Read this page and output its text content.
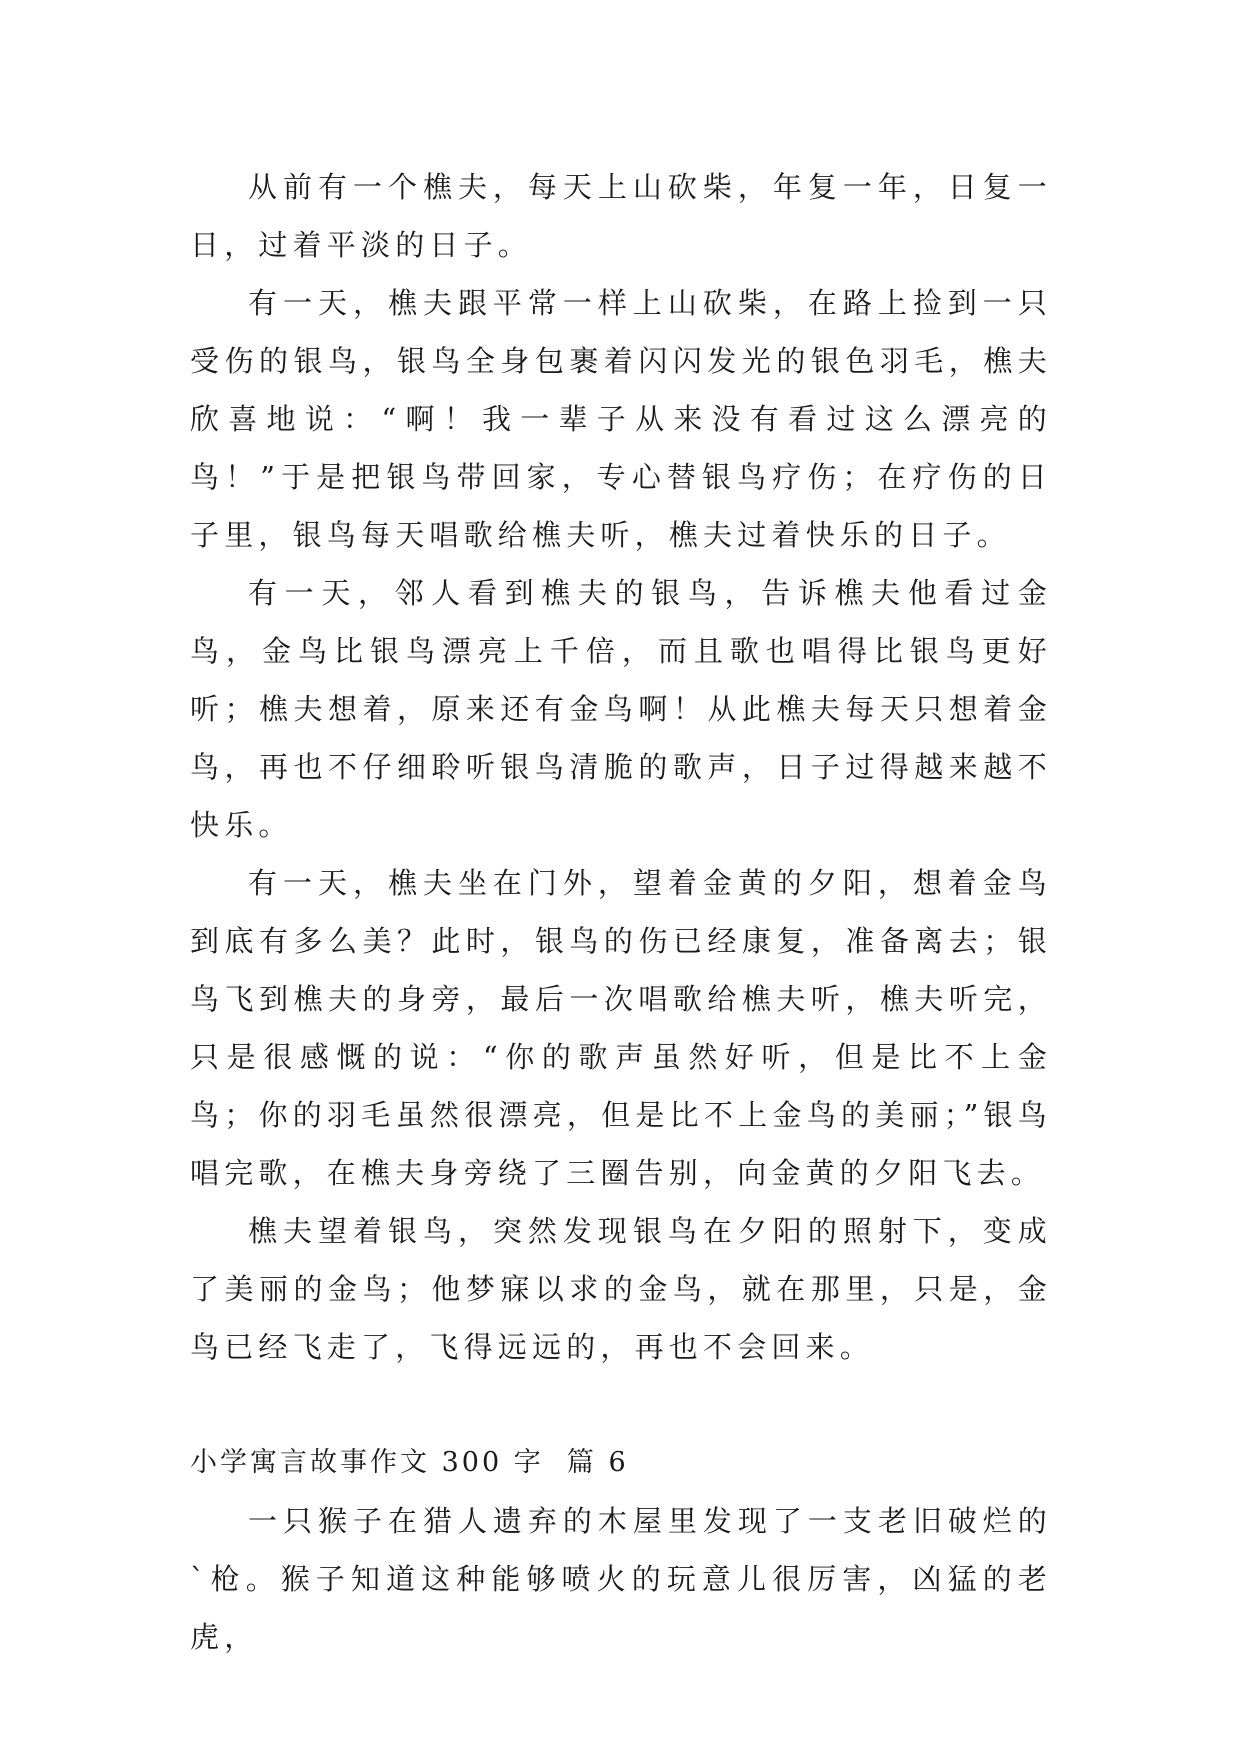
从前有一个樵夫，每天上山砍柴，年复一年，日复一日，过着平淡的日子。

有一天，樵夫跟平常一样上山砍柴，在路上捡到一只受伤的银鸟，银鸟全身包裹着闪闪发光的银色羽毛，樵夫欣喜地说：“啊！我一辈子从来没有看过这么漂亮的鸟！”于是把银鸟带回家，专心替银鸟疗伤；在疗伤的日子里，银鸟每天唱歌给樵夫听，樵夫过着快乐的日子。

有一天，邻人看到樵夫的银鸟，告诉樵夫他看过金鸟，金鸟比银鸟漂亮上千倍，而且歌也唱得比银鸟更好听；樵夫想着，原来还有金鸟啊！从此樵夫每天只想着金鸟，再也不仔细聆听银鸟清脆的歌声，日子过得越来越不快乐。

有一天，樵夫坐在门外，望着金黄的夕阳，想着金鸟到底有多么美？此时，银鸟的伤已经康复，准备离去；银鸟飞到樵夫的身旁，最后一次唱歌给樵夫听，樵夫听完，只是很感慨的说：“你的歌声虽然好听，但是比不上金鸟；你的羽毛虽然很漂亮，但是比不上金鸟的美丽；”银鸟唱完歌，在樵夫身旁绕了三圈告别，向金黄的夕阳飞去。

樵夫望着银鸟，突然发现银鸟在夕阳的照射下，变成了美丽的金鸟；他梦寐以求的金鸟，就在那里，只是，金鸟已经飞走了，飞得远远的，再也不会回来。

小学寓言故事作文 300 字  篇 6

一只猴子在猎人遗弃的木屋里发现了一支老旧破烂的`枪。猴子知道这种能够喷火的玩意儿很厉害，凶猛的老虎，
